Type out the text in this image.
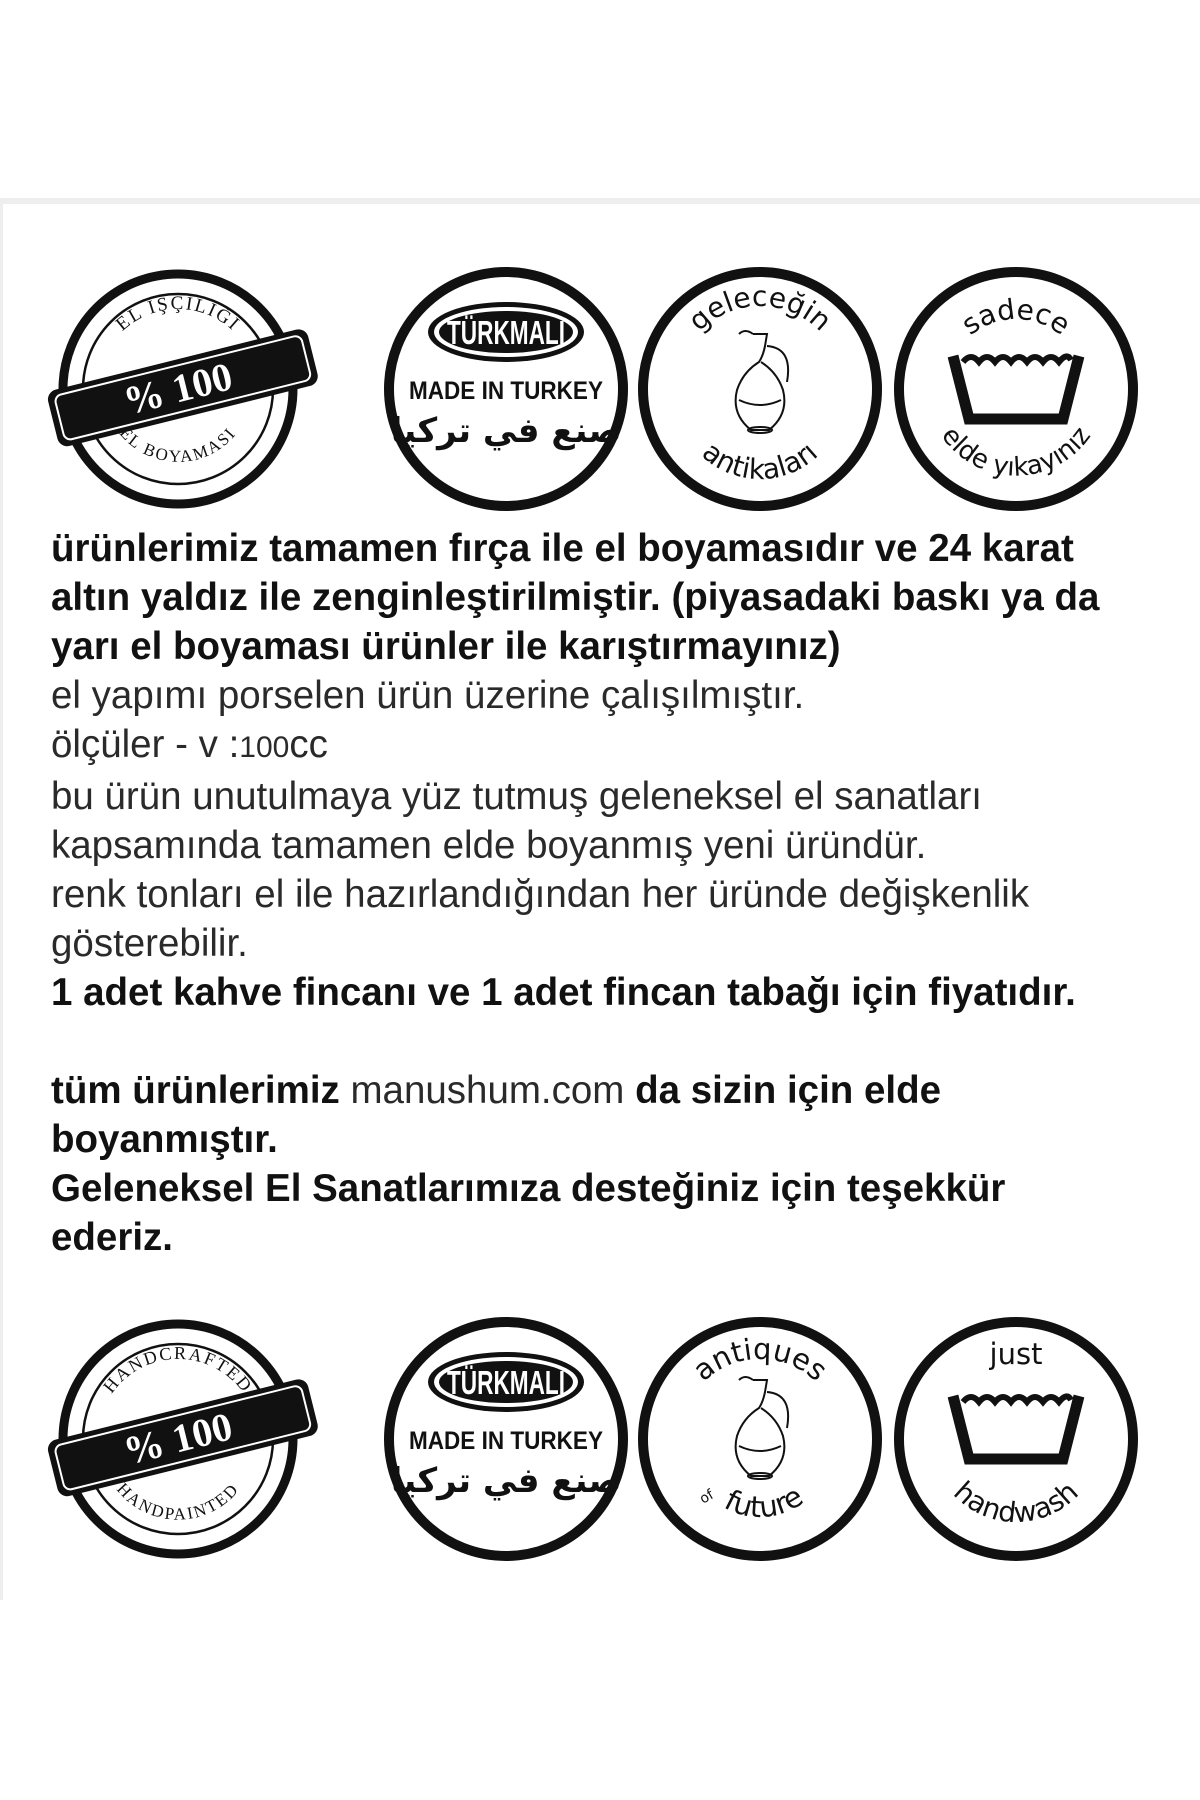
EL İŞÇİLİĞİ
EL BOYAMASI
% 100
TÜRKMALI
MADE IN TURKEY
صنع في تركيا
geleceğin
antikaları
sadece
elde yıkayınız

ürünlerimiz tamamen fırça ile el boyamasıdır ve 24 karat

altın yaldız ile zenginleştirilmiştir. (piyasadaki baskı ya da

yarı el boyaması ürünler ile karıştırmayınız)

el yapımı porselen ürün üzerine çalışılmıştır.

ölçüler - v :100cc

bu ürün unutulmaya yüz tutmuş geleneksel el sanatları

kapsamında tamamen elde boyanmış yeni üründür.

renk tonları el ile hazırlandığından her üründe değişkenlik

gösterebilir.

1 adet kahve fincanı ve 1 adet fincan tabağı için fiyatıdır.

tüm ürünlerimiz manushum.com da sizin için elde

boyanmıştır.

Geleneksel El Sanatlarımıza desteğiniz için teşekkür

ederiz.

HANDCRAFTED
HANDPAINTED
% 100
TÜRKMALI
MADE IN TURKEY
صنع في تركيا
antiques
future
of
just
handwash
